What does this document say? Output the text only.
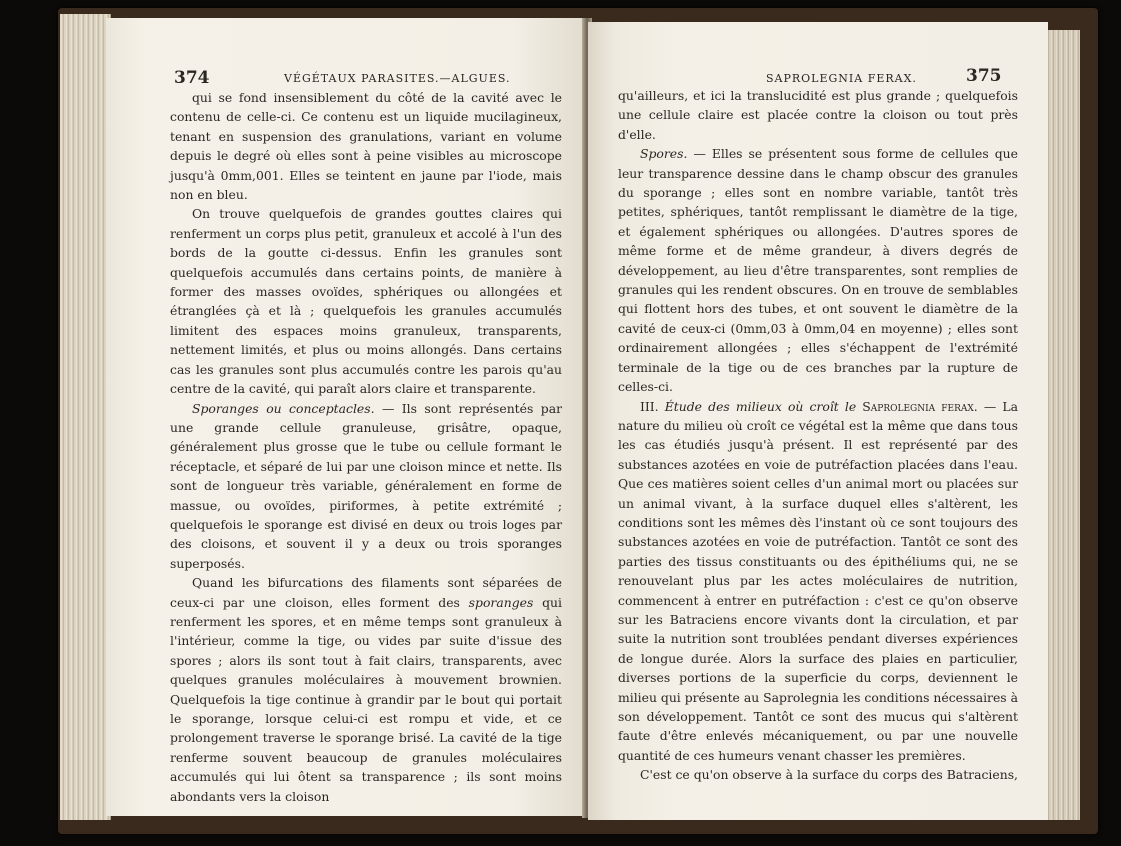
374	VÉGÉTAUX PARASITES.—ALGUES.

qui se fond insensiblement du côté de la cavité avec le contenu de celle-ci. Ce contenu est un liquide mucilagineux, tenant en suspension des granulations, variant en volume depuis le degré où elles sont à peine visibles au microscope jusqu'à 0mm,001. Elles se teintent en jaune par l'iode, mais non en bleu.

On trouve quelquefois de grandes gouttes claires qui renferment un corps plus petit, granuleux et accolé à l'un des bords de la goutte ci-dessus. Enfin les granules sont quelquefois accumulés dans certains points, de manière à former des masses ovoïdes, sphériques ou allongées et étranglées çà et là ; quelquefois les granules accumulés limitent des espaces moins granuleux, transparents, nettement limités, et plus ou moins allongés. Dans certains cas les granules sont plus accumulés contre les parois qu'au centre de la cavité, qui paraît alors claire et transparente.

Sporanges ou conceptacles. — Ils sont représentés par une grande cellule granuleuse, grisâtre, opaque, généralement plus grosse que le tube ou cellule formant le réceptacle, et séparé de lui par une cloison mince et nette. Ils sont de longueur très variable, généralement en forme de massue, ou ovoïdes, piriformes, à petite extrémité ; quelquefois le sporange est divisé en deux ou trois loges par des cloisons, et souvent il y a deux ou trois sporanges superposés.

Quand les bifurcations des filaments sont séparées de ceux-ci par une cloison, elles forment des sporanges qui renferment les spores, et en même temps sont granuleux à l'intérieur, comme la tige, ou vides par suite d'issue des spores ; alors ils sont tout à fait clairs, transparents, avec quelques granules moléculaires à mouvement brownien. Quelquefois la tige continue à grandir par le bout qui portait le sporange, lorsque celui-ci est rompu et vide, et ce prolongement traverse le sporange brisé. La cavité de la tige renferme souvent beaucoup de granules moléculaires accumulés qui lui ôtent sa transparence ; ils sont moins abondants vers la cloison

SAPROLEGNIA FERAX.	375

qu'ailleurs, et ici la translucidité est plus grande ; quelquefois une cellule claire est placée contre la cloison ou tout près d'elle.

Spores. — Elles se présentent sous forme de cellules que leur transparence dessine dans le champ obscur des granules du sporange ; elles sont en nombre variable, tantôt très petites, sphériques, tantôt remplissant le diamètre de la tige, et également sphériques ou allongées. D'autres spores de même forme et de même grandeur, à divers degrés de développement, au lieu d'être transparentes, sont remplies de granules qui les rendent obscures. On en trouve de semblables qui flottent hors des tubes, et ont souvent le diamètre de la cavité de ceux-ci (0mm,03 à 0mm,04 en moyenne) ; elles sont ordinairement allongées ; elles s'échappent de l'extrémité terminale de la tige ou de ces branches par la rupture de celles-ci.

III. Étude des milieux où croît le Saprolegnia ferax. — La nature du milieu où croît ce végétal est la même que dans tous les cas étudiés jusqu'à présent. Il est représenté par des substances azotées en voie de putréfaction placées dans l'eau. Que ces matières soient celles d'un animal mort ou placées sur un animal vivant, à la surface duquel elles s'altèrent, les conditions sont les mêmes dès l'instant où ce sont toujours des substances azotées en voie de putréfaction. Tantôt ce sont des parties des tissus constituants ou des épithéliums qui, ne se renouvelant plus par les actes moléculaires de nutrition, commencent à entrer en putréfaction : c'est ce qu'on observe sur les Batraciens encore vivants dont la circulation, et par suite la nutrition sont troublées pendant diverses expériences de longue durée. Alors la surface des plaies en particulier, diverses portions de la superficie du corps, deviennent le milieu qui présente au Saprolegnia les conditions nécessaires à son développement. Tantôt ce sont des mucus qui s'altèrent faute d'être enlevés mécaniquement, ou par une nouvelle quantité de ces humeurs venant chasser les premières.

C'est ce qu'on observe à la surface du corps des Batraciens,
